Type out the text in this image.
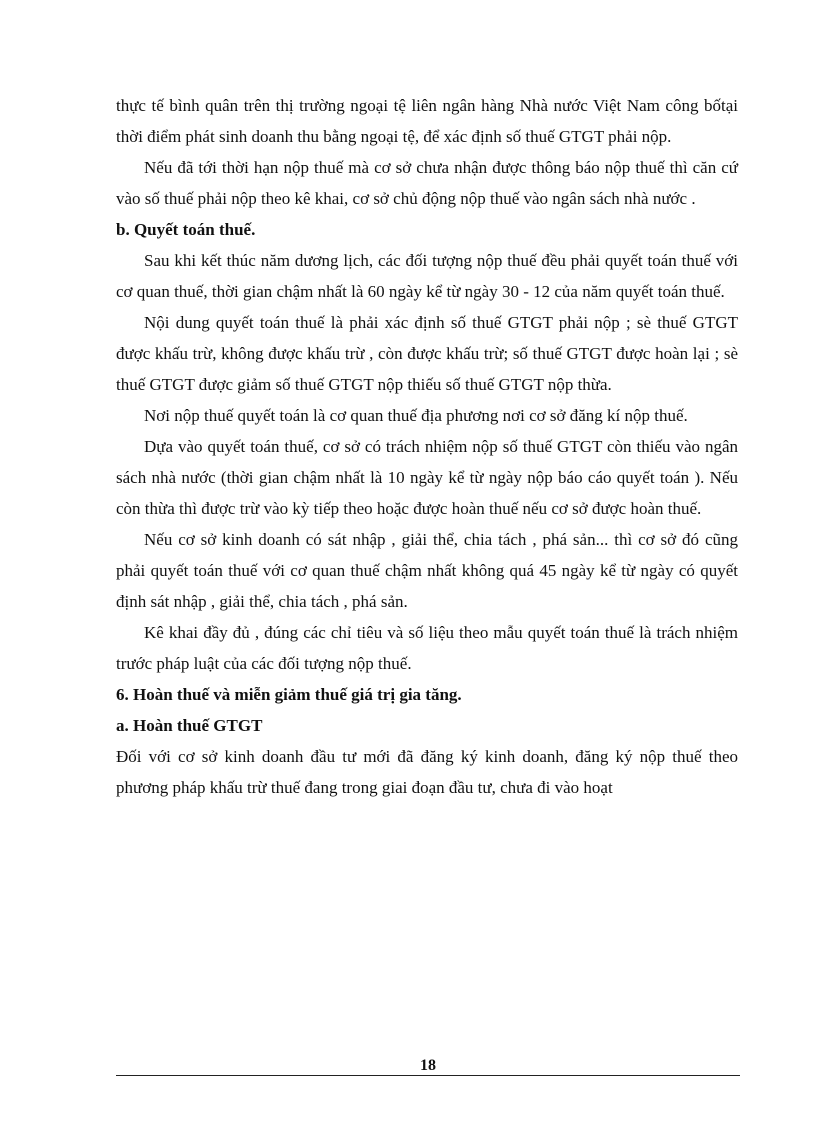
thực tế bình quân trên thị trường ngoại tệ liên ngân hàng Nhà nước Việt Nam công bốtại thời điểm phát sinh doanh thu bằng ngoại tệ, để xác định số thuế GTGT phải nộp.

Nếu đã tới thời hạn nộp thuế mà cơ sở chưa nhận được thông báo nộp thuế thì căn cứ vào số thuế phải nộp theo kê khai, cơ sở chủ động nộp thuế vào ngân sách nhà nước .

b. Quyết toán thuế.

Sau khi kết thúc năm dương lịch, các đối tượng nộp thuế đều phải quyết toán thuế với cơ quan thuế, thời gian chậm nhất là 60 ngày kể từ ngày 30 - 12 của năm quyết toán thuế.

Nội dung quyết toán thuế là phải xác định số thuế GTGT phải nộp ; sè thuế GTGT được khấu trừ, không được khấu trừ , còn được khấu trừ; số thuế GTGT được hoàn lại ; sè thuế GTGT được giảm số thuế GTGT nộp thiếu số thuế GTGT nộp thừa.

Nơi nộp thuế quyết toán là cơ quan thuế địa phương nơi cơ sở đăng kí nộp thuế.

Dựa vào quyết toán thuế, cơ sở có trách nhiệm nộp số thuế GTGT còn thiếu vào ngân sách nhà nước (thời gian chậm nhất là 10 ngày kể từ ngày nộp báo cáo quyết toán ). Nếu còn thừa thì được trừ vào kỳ tiếp theo hoặc được hoàn thuế nếu cơ sở được hoàn thuế.

Nếu cơ sở kinh doanh có sát nhập , giải thể, chia tách , phá sản... thì cơ sở đó cũng phải quyết toán thuế với cơ quan thuế chậm nhất không quá 45 ngày kể từ ngày có quyết định sát nhập , giải thể, chia tách , phá sản.

Kê khai đầy đủ , đúng các chỉ tiêu và số liệu theo mẫu quyết toán thuế là trách nhiệm trước pháp luật của các đối tượng nộp thuế.

6. Hoàn thuế và miễn giảm thuế giá trị gia tăng.

a. Hoàn thuế GTGT

Đối với cơ sở kinh doanh đầu tư mới đã đăng ký kinh doanh, đăng ký nộp thuế theo phương pháp khấu trừ thuế đang trong giai đoạn đầu tư, chưa đi vào hoạt

18
